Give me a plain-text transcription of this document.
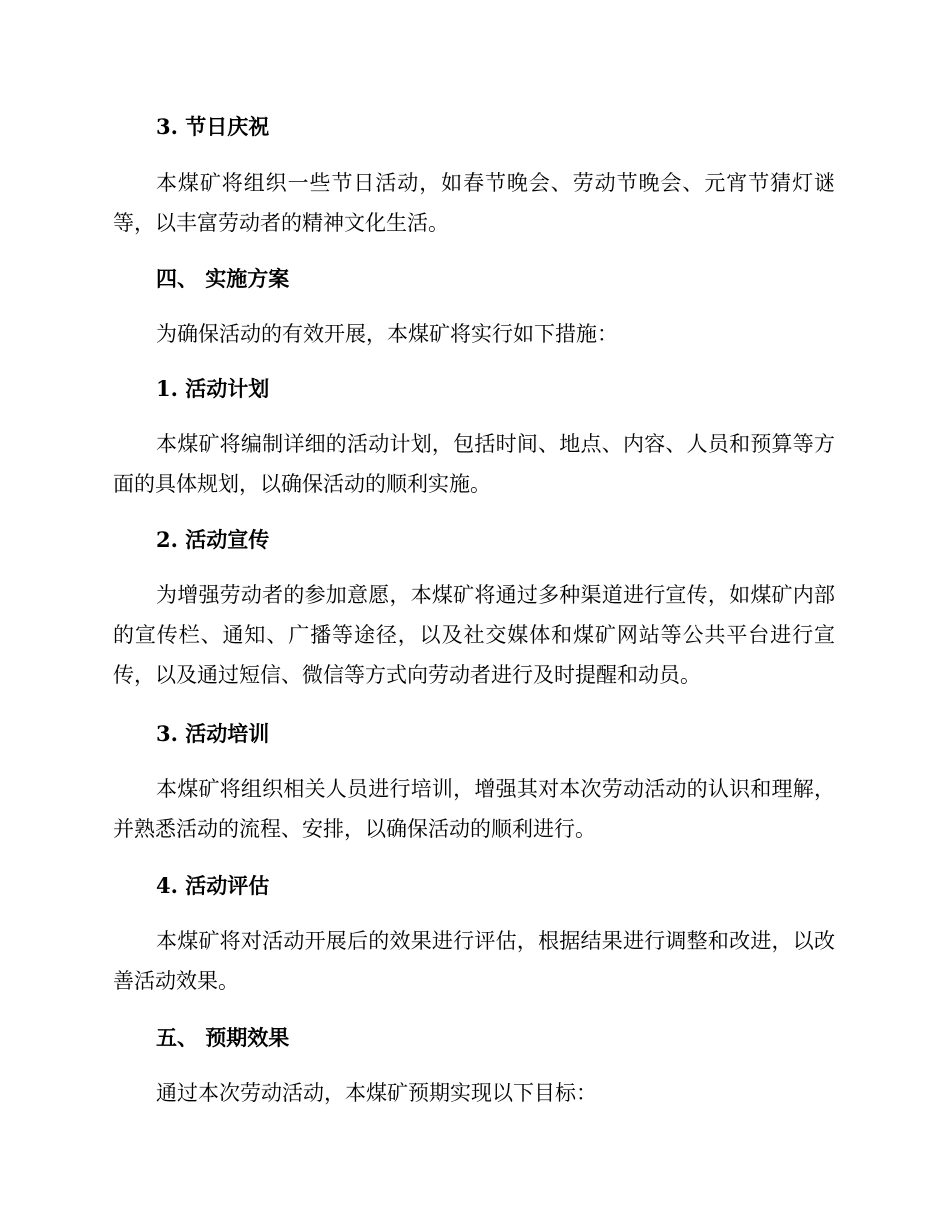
3. 节日庆祝

本煤矿将组织一些节日活动，如春节晚会、劳动节晚会、元宵节猜灯谜等，以丰富劳动者的精神文化生活。

四、 实施方案

为确保活动的有效开展，本煤矿将实行如下措施：

1. 活动计划

本煤矿将编制详细的活动计划，包括时间、地点、内容、人员和预算等方面的具体规划，以确保活动的顺利实施。

2. 活动宣传

为增强劳动者的参加意愿，本煤矿将通过多种渠道进行宣传，如煤矿内部的宣传栏、通知、广播等途径，以及社交媒体和煤矿网站等公共平台进行宣传，以及通过短信、微信等方式向劳动者进行及时提醒和动员。

3. 活动培训

本煤矿将组织相关人员进行培训，增强其对本次劳动活动的认识和理解，并熟悉活动的流程、安排，以确保活动的顺利进行。

4. 活动评估

本煤矿将对活动开展后的效果进行评估，根据结果进行调整和改进，以改善活动效果。

五、 预期效果

通过本次劳动活动，本煤矿预期实现以下目标：
